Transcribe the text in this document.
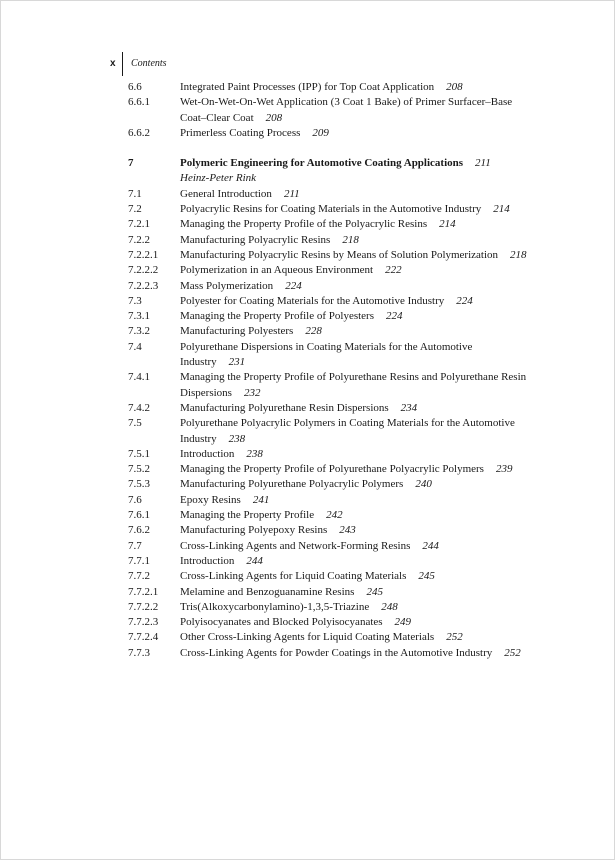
x	Contents
6.6	Integrated Paint Processes (IPP) for Top Coat Application 208
6.6.1	Wet-On-Wet-On-Wet Application (3 Coat 1 Bake) of Primer Surfacer–Base Coat–Clear Coat 208
6.6.2	Primerless Coating Process 209
7	Polymeric Engineering for Automotive Coating Applications 211
Heinz-Peter Rink
7.1	General Introduction 211
7.2	Polyacrylic Resins for Coating Materials in the Automotive Industry 214
7.2.1	Managing the Property Profile of the Polyacrylic Resins 214
7.2.2	Manufacturing Polyacrylic Resins 218
7.2.2.1	Manufacturing Polyacrylic Resins by Means of Solution Polymerization 218
7.2.2.2	Polymerization in an Aqueous Environment 222
7.2.2.3	Mass Polymerization 224
7.3	Polyester for Coating Materials for the Automotive Industry 224
7.3.1	Managing the Property Profile of Polyesters 224
7.3.2	Manufacturing Polyesters 228
7.4	Polyurethane Dispersions in Coating Materials for the Automotive Industry 231
7.4.1	Managing the Property Profile of Polyurethane Resins and Polyurethane Resin Dispersions 232
7.4.2	Manufacturing Polyurethane Resin Dispersions 234
7.5	Polyurethane Polyacrylic Polymers in Coating Materials for the Automotive Industry 238
7.5.1	Introduction 238
7.5.2	Managing the Property Profile of Polyurethane Polyacrylic Polymers 239
7.5.3	Manufacturing Polyurethane Polyacrylic Polymers 240
7.6	Epoxy Resins 241
7.6.1	Managing the Property Profile 242
7.6.2	Manufacturing Polyepoxy Resins 243
7.7	Cross-Linking Agents and Network-Forming Resins 244
7.7.1	Introduction 244
7.7.2	Cross-Linking Agents for Liquid Coating Materials 245
7.7.2.1	Melamine and Benzoguanamine Resins 245
7.7.2.2	Tris(Alkoxycarbonylamino)-1,3,5-Triazine 248
7.7.2.3	Polyisocyanates and Blocked Polyisocyanates 249
7.7.2.4	Other Cross-Linking Agents for Liquid Coating Materials 252
7.7.3	Cross-Linking Agents for Powder Coatings in the Automotive Industry 252
